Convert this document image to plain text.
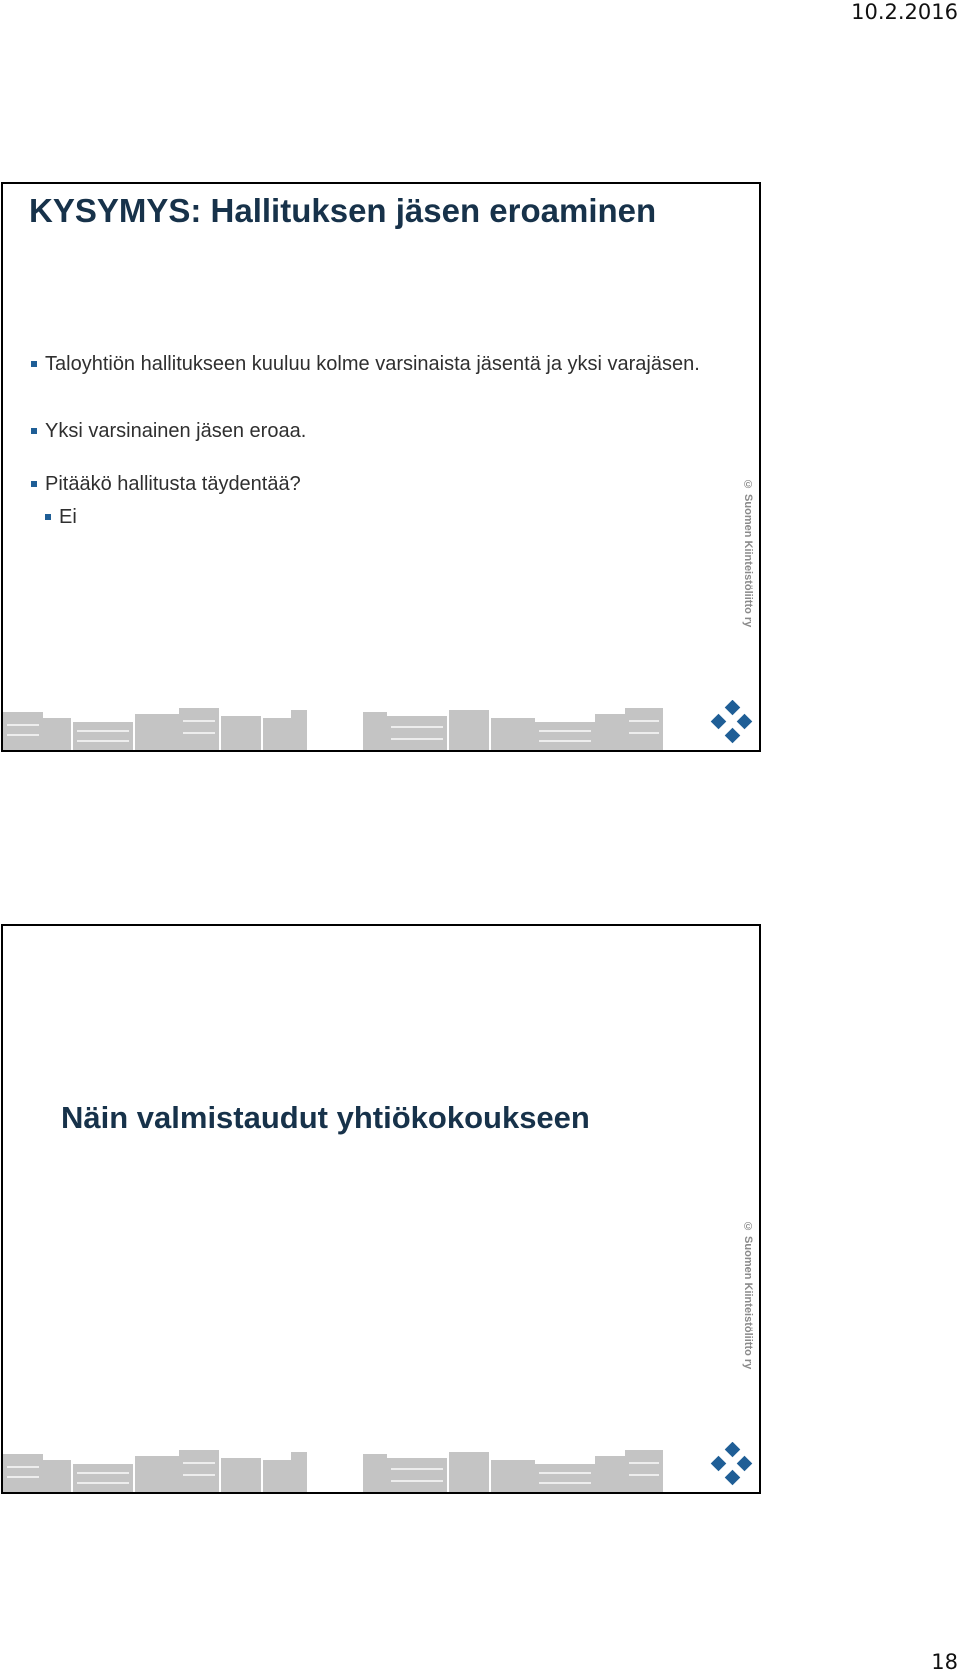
10.2.2016
KYSYMYS: Hallituksen jäsen eroaminen
Taloyhtiön hallitukseen kuuluu kolme varsinaista jäsentä ja yksi varajäsen.
Yksi varsinainen jäsen eroaa.
Pitääkö hallitusta täydentää?
Ei	© Suomen Kiinteistöliitto ry
Näin valmistaudut yhtiökokoukseen
© Suomen Kiinteistöliitto ry
18
